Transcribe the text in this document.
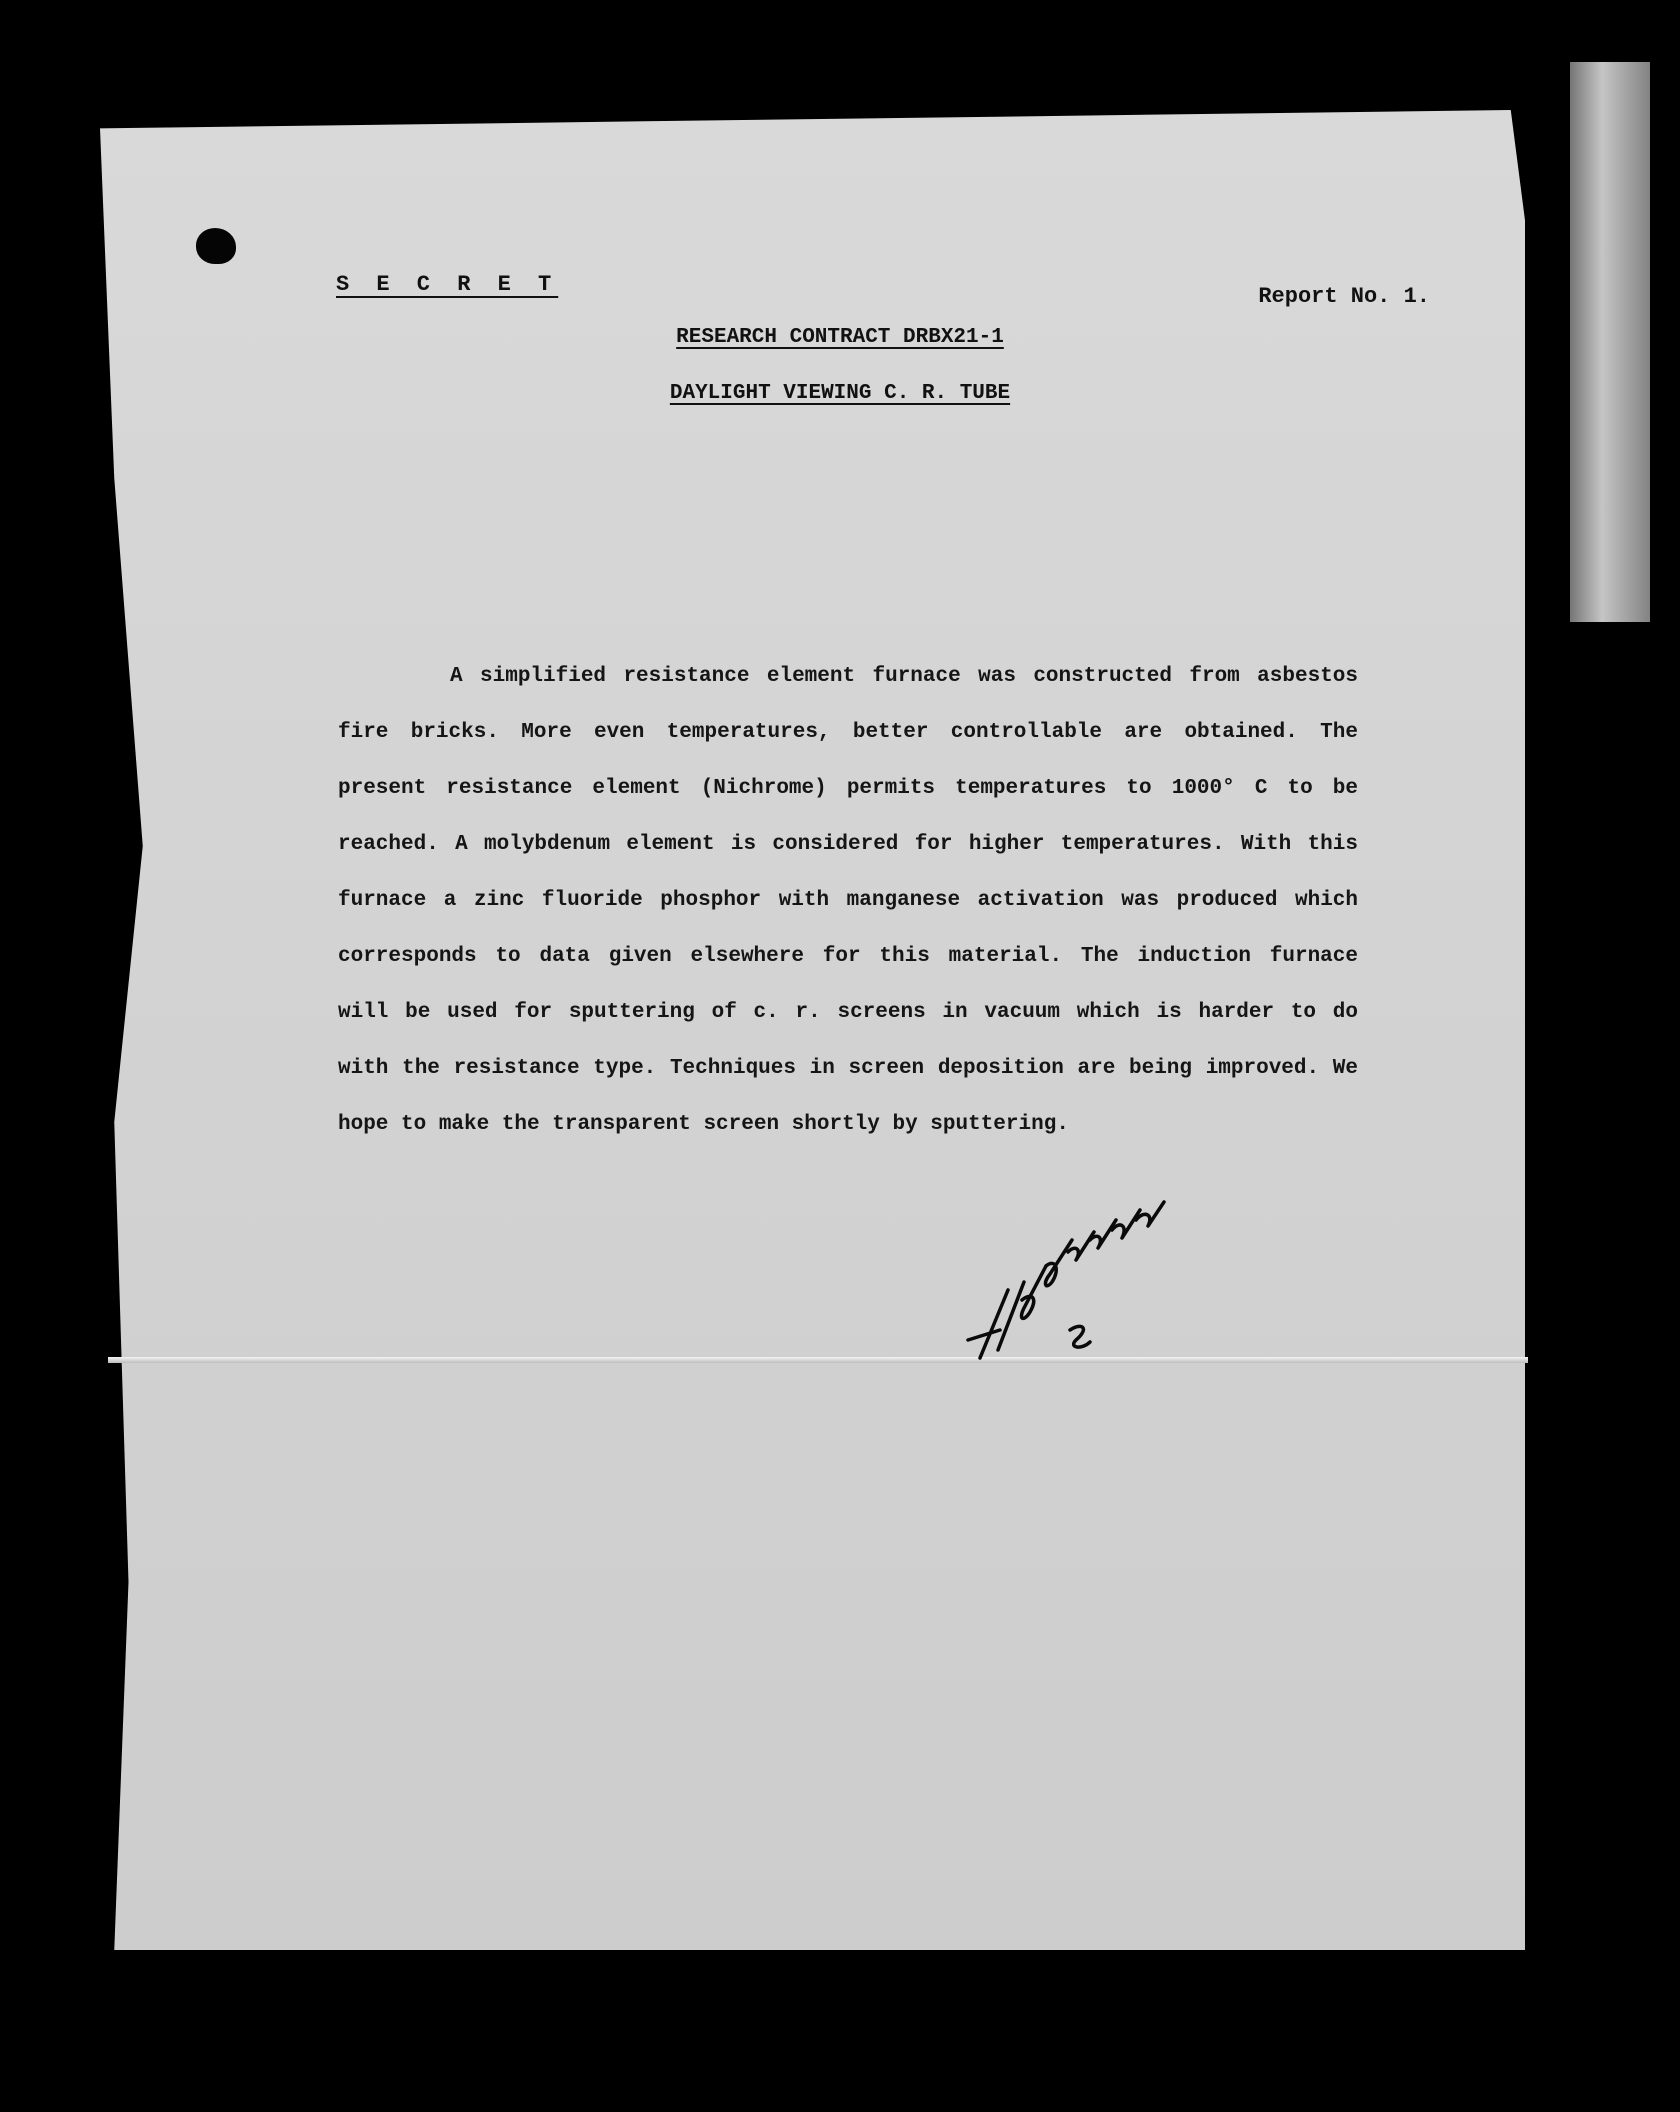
S E C R E T	Report No. 1.
RESEARCH CONTRACT DRBX21-1
DAYLIGHT VIEWING C. R. TUBE

A simplified resistance element furnace was constructed from asbestos fire bricks. More even temperatures, better controllable are obtained. The present resistance element (Nichrome) permits temperatures to 1000° C to be reached. A molybdenum element is considered for higher temperatures. With this furnace a zinc fluoride phosphor with manganese activation was produced which corresponds to data given elsewhere for this material. The induction furnace will be used for sputtering of c. r. screens in vacuum which is harder to do with the resistance type. Techniques in screen deposition are being improved. We hope to make the transparent screen shortly by sputtering.
